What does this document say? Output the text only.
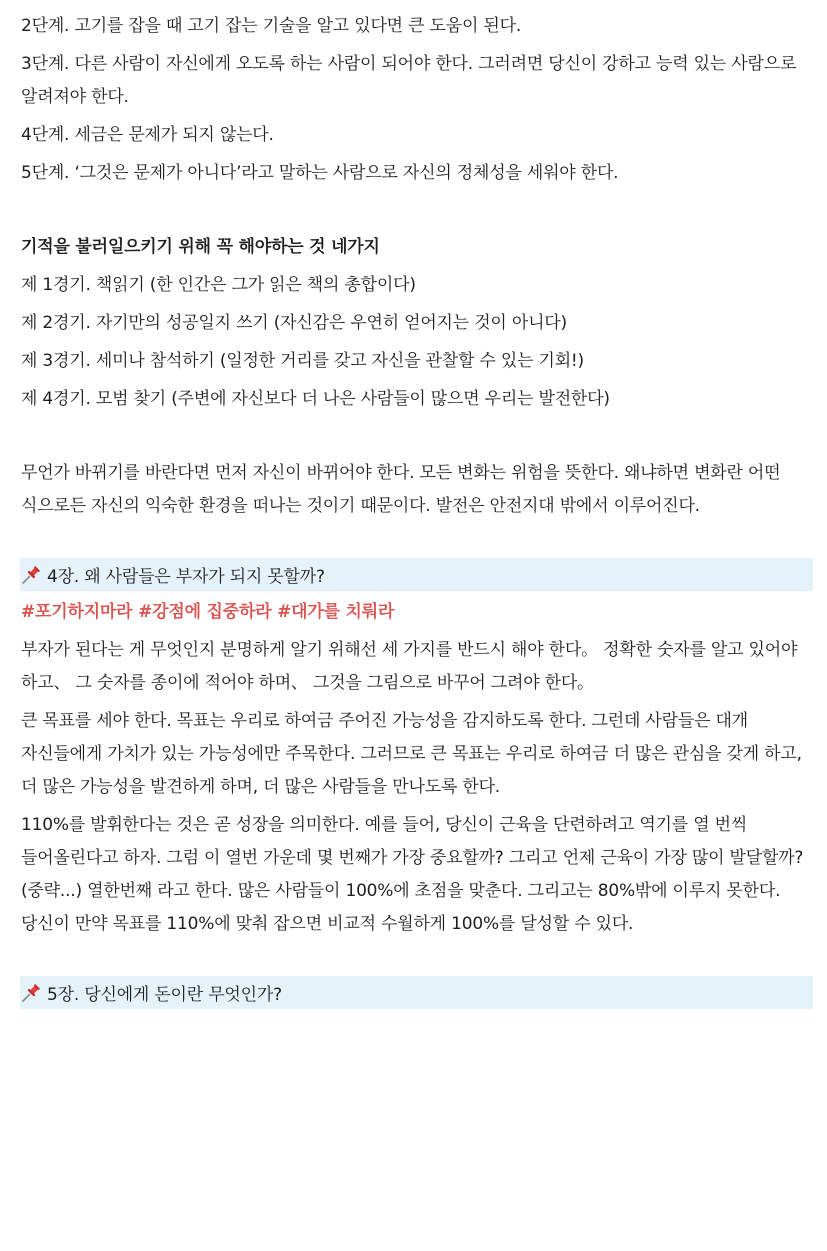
2단계. 고기를 잡을 때 고기 잡는 기술을 알고 있다면 큰 도움이 된다.

3단계. 다른 사람이 자신에게 오도록 하는 사람이 되어야 한다. 그러려면 당신이 강하고 능력 있는 사람으로 알려져야 한다.

4단계. 세금은 문제가 되지 않는다.

5단계. ‘그것은 문제가 아니다’라고 말하는 사람으로 자신의 정체성을 세워야 한다.

기적을 불러일으키기 위해 꼭 해야하는 것 네가지

제 1경기. 책읽기 (한 인간은 그가 읽은 책의 총합이다)

제 2경기. 자기만의 성공일지 쓰기 (자신감은 우연히 얻어지는 것이 아니다)

제 3경기. 세미나 참석하기 (일정한 거리를 갖고 자신을 관찰할 수 있는 기회!)

제 4경기. 모범 찾기 (주변에 자신보다 더 나은 사람들이 많으면 우리는 발전한다)

무언가 바뀌기를 바란다면 먼저 자신이 바뀌어야 한다. 모든 변화는 위험을 뜻한다. 왜냐하면 변화란 어떤 식으로든 자신의 익숙한 환경을 떠나는 것이기 때문이다. 발전은 안전지대 밖에서 이루어진다.

4장. 왜 사람들은 부자가 되지 못할까?

#포기하지마라 #강점에 집중하라 #대가를 치뤄라

부자가 된다는 게 무엇인지 분명하게 알기 위해선 세 가지를 반드시 해야 한다。 정확한 숫자를 알고 있어야 하고、 그 숫자를 종이에 적어야 하며、 그것을 그림으로 바꾸어 그려야 한다。

큰 목표를 세야 한다. 목표는 우리로 하여금 주어진 가능성을 감지하도록 한다. 그런데 사람들은 대개 자신들에게 가치가 있는 가능성에만 주목한다. 그러므로 큰 목표는 우리로 하여금 더 많은 관심을 갖게 하고, 더 많은 가능성을 발견하게 하며, 더 많은 사람들을 만나도록 한다.

110%를 발휘한다는 것은 곧 성장을 의미한다. 예를 들어, 당신이 근육을 단련하려고 역기를 열 번씩 들어올린다고 하자. 그럼 이 열번 가운데 몇 번째가 가장 중요할까? 그리고 언제 근육이 가장 많이 발달할까? (중략...) 열한번째 라고 한다. 많은 사람들이 100%에 초점을 맞춘다. 그리고는 80%밖에 이루지 못한다. 당신이 만약 목표를 110%에 맞춰 잡으면 비교적 수월하게 100%를 달성할 수 있다.

5장. 당신에게 돈이란 무엇인가?
